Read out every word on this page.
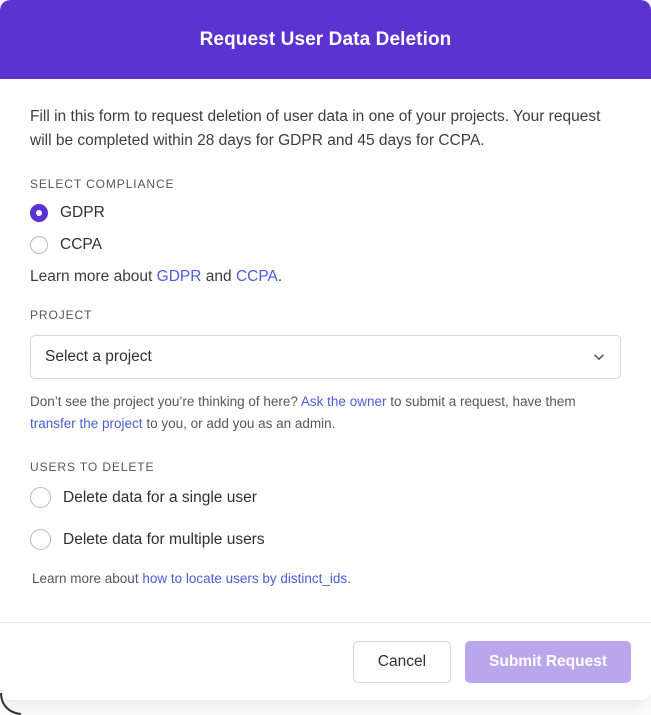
Request User Data Deletion

Fill in this form to request deletion of user data in one of your projects. Your request will be completed within 28 days for GDPR and 45 days for CCPA.

SELECT COMPLIANCE
GDPR
CCPA
Learn more about GDPR and CCPA.
PROJECT
Select a project

Don’t see the project you’re thinking of here? Ask the owner to submit a request, have them transfer the project to you, or add you as an admin.

USERS TO DELETE
Delete data for a single user
Delete data for multiple users
Learn more about how to locate users by distinct_ids.
Cancel	Submit Request
